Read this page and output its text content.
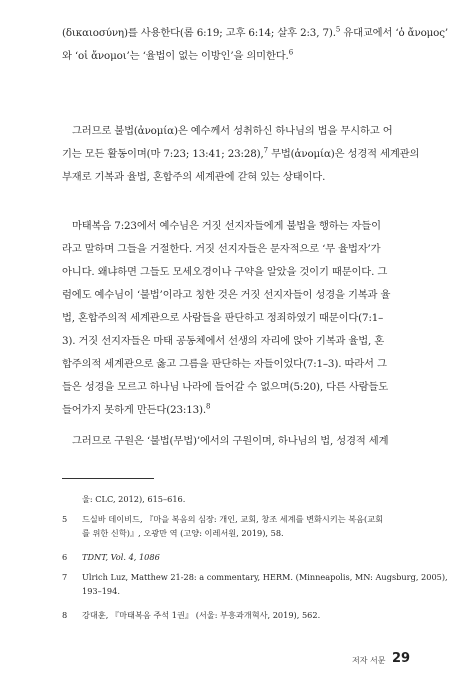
(δικαιοσύνη)를 사용한다(롬 6:19; 고후 6:14; 살후 2:3, 7).$^5$ 유대교에서 ‘ὁ ἄνομος’
와 ‘οἱ ἄνομοι’는 ‘율법이 없는 이방인’을 의미한다.$^6$

그러므로 불법(ἀνομία)은 예수께서 성취하신 하나님의 법을 무시하고 어
기는 모든 활동이며(마 7:23; 13:41; 23:28),$^7$ 무법(ἀνομία)은 성경적 세계관의
부재로 기복과 율법, 혼합주의 세계관에 갇혀 있는 상태이다.

마태복음 7:23에서 예수님은 거짓 선지자들에게 불법을 행하는 자들이
라고 말하며 그들을 거절한다. 거짓 선지자들은 문자적으로 ‘무 율법자’가
아니다. 왜냐하면 그들도 모세오경이나 구약을 알았을 것이기 때문이다. 그
럼에도 예수님이 ‘불법’이라고 칭한 것은 거짓 선지자들이 성경을 기복과 율
법, 혼합주의적 세계관으로 사람들을 판단하고 정죄하였기 때문이다(7:1–
3). 거짓 선지자들은 마태 공동체에서 선생의 자리에 앉아 기복과 율법, 혼
합주의적 세계관으로 옳고 그름을 판단하는 자들이었다(7:1–3). 따라서 그
들은 성경을 모르고 하나님 나라에 들어갈 수 없으며(5:20), 다른 사람들도
들어가지 못하게 만든다(23:13).$^8$

그러므로 구원은 ‘불법(무법)’에서의 구원이며, 하나님의 법, 성경적 세계

울: CLC, 2012), 615–616.

5 드실바 데이비드, 『마을 복음의 심장: 개인, 교회, 창조 세계를 변화시키는 복음(교회
를 위한 신학)』, 오광만 역 (고양: 이레서원, 2019), 58.

6 TDNT, Vol. 4, 1086

7 Ulrich Luz, Matthew 21-28: a commentary, HERM. (Minneapolis, MN: Augsburg, 2005),
193–194.

8 강대훈, 『마태복음 주석 1권』 (서울: 부흥과개혁사, 2019), 562.

저자 서문 29
